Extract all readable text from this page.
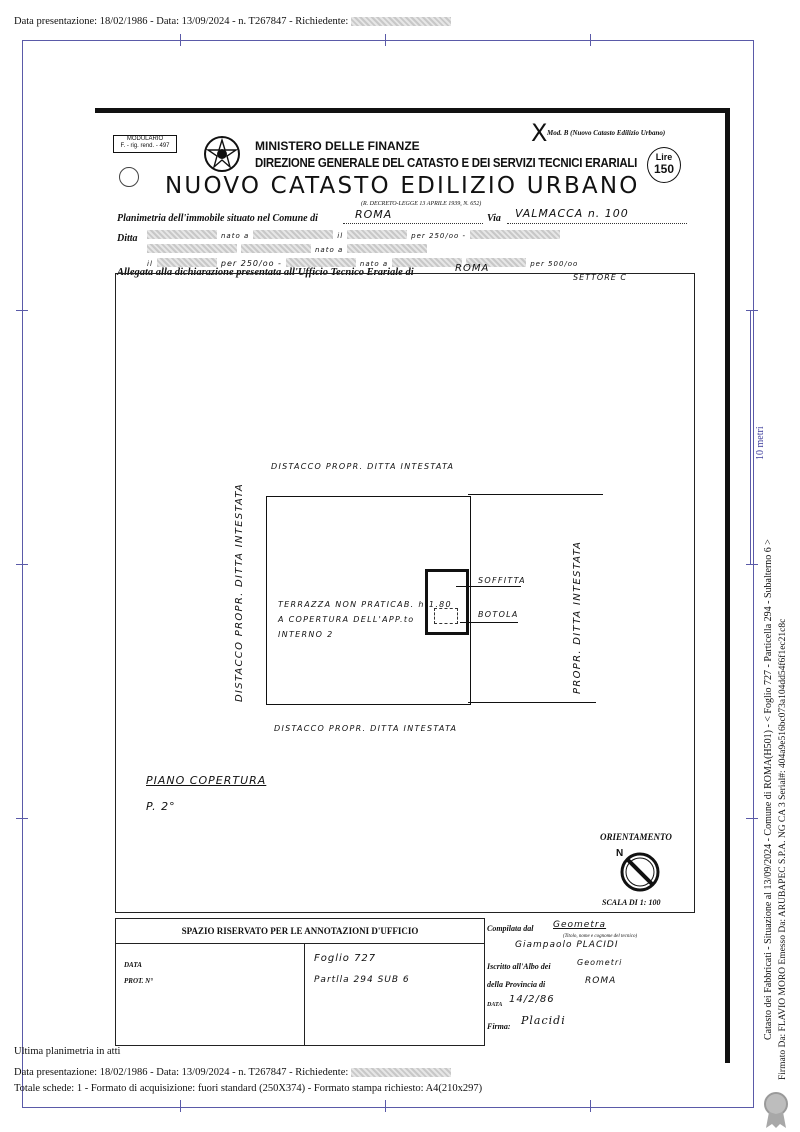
Data presentazione: 18/02/1986 - Data: 13/09/2024 - n. T267847 - Richiedente:
10 metri
MODULARIO
F. - rig. rend. - 497	MINISTERO DELLE FINANZE
DIREZIONE GENERALE DEL CATASTO E DEI SERVIZI TECNICI ERARIALI
NUOVO CATASTO EDILIZIO URBANO
(R. DECRETO-LEGGE 13 APRILE 1939, N. 652)
X
Mod. B (Nuovo Catasto Edilizio Urbano)
Lire
150
Planimetria dell'immobile situato nel Comune di	ROMA	Via VALMACCA n. 100
Ditta	nato a	il	per 250/oo -
nato a
il	per 250/oo -	nato a	per 500/oo
Allegata alla dichiarazione presentata all'Ufficio Tecnico Erariale di	ROMA
SETTORE C
DISTACCO PROPR. DITTA INTESTATA
SOFFITTA
BOTOLA
TERRAZZA NON PRATICAB. h-1.80
A COPERTURA DELL'APP.to
INTERNO 2
DISTACCO PROPR. DITTA INTESTATA	PROPR. DITTA INTESTATA
DISTACCO PROPR. DITTA INTESTATA
PIANO COPERTURA
P. 2°
ORIENTAMENTO
N
SCALA DI 1: 100
SPAZIO RISERVATO PER LE ANNOTAZIONI D'UFFICIO
DATA
PROT. N°
Foglio 727
Partlla 294 SUB 6
Compilata dal Geometra
(Titolo, nome e cognome del tecnico)
Giampaolo PLACIDI
Iscritto all'Albo dei	Geometri
della Provincia di	ROMA
DATA 14/2/86
Firma: Placidi	Catasto dei Fabbricati - Situazione al 13/09/2024 - Comune di ROMA(H501) - < Foglio 727 - Particella 294 - Subalterno 6 > Firmato Da: FLAVIO MORO Emesso Da: ARUBAPEC S.P.A. NG CA 3 Serial#: 404a9e516bc073a104dd54f6f1ec21c8c
Ultima planimetria in atti
Data presentazione: 18/02/1986 - Data: 13/09/2024 - n. T267847 - Richiedente:
Totale schede: 1 - Formato di acquisizione: fuori standard (250X374) - Formato stampa richiesto: A4(210x297)
